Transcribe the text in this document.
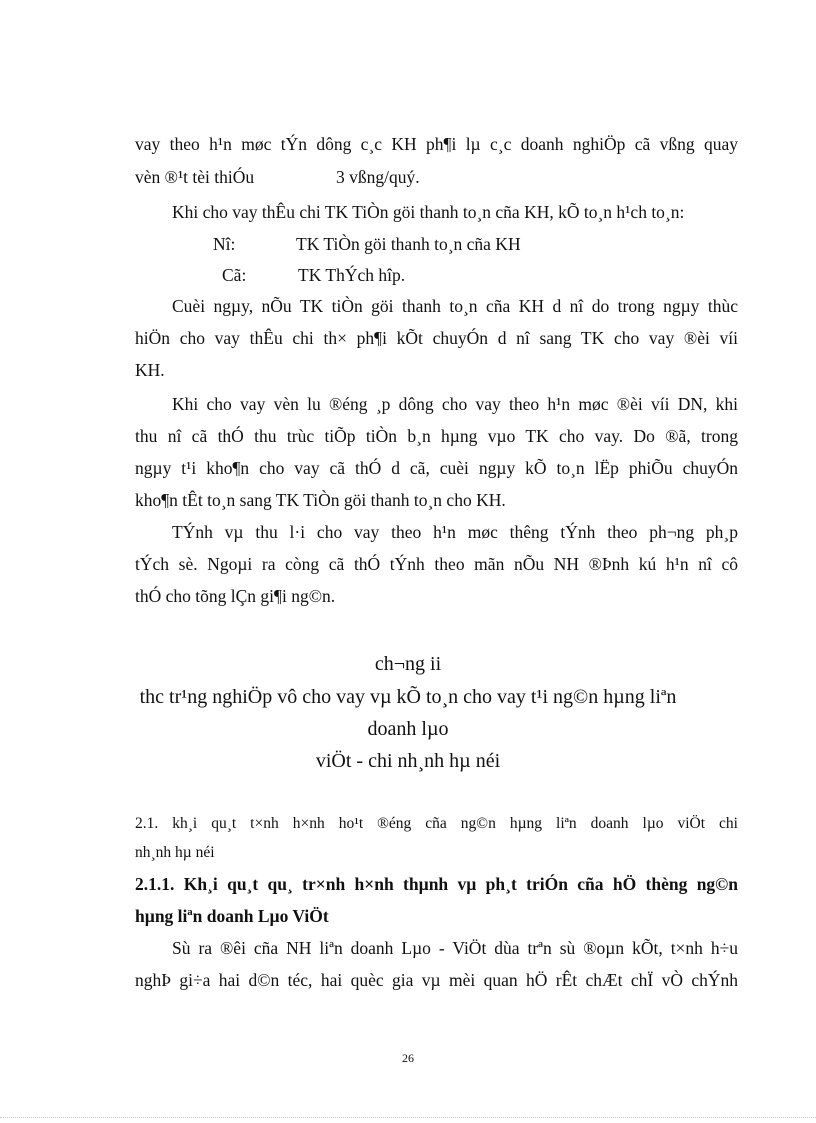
vay theo h¹n møc tÝn dông c¸c KH ph¶i lµ c¸c doanh nghiÖp cã vßng quay
vèn ®¹t tèi thiÓu	3 vßng/quý.
Khi cho vay thÊu chi TK TiÒn göi thanh to¸n cña KH, kÕ to¸n h¹ch to¸n:
Nî:	TK TiÒn göi thanh to¸n cña KH
Cã:	TK ThÝch hîp.
Cuèi ngµy, nÕu TK tiÒn göi thanh to¸n cña KH d nî do trong ngµy thùc
hiÖn cho vay thÊu chi th× ph¶i kÕt chuyÓn d nî sang TK cho vay ®èi víi
KH.
Khi cho vay vèn lu ®éng ¸p dông cho vay theo h¹n møc ®èi víi DN, khi
thu nî cã thÓ thu trùc tiÕp tiÒn b¸n hµng vµo TK cho vay. Do ®ã, trong
ngµy t¹i kho¶n cho vay cã thÓ d cã, cuèi ngµy kÕ to¸n lËp phiÕu chuyÓn
kho¶n tÊt to¸n sang TK TiÒn göi thanh to¸n cho KH.
TÝnh vµ thu l·i cho vay theo h¹n møc thêng tÝnh theo ph¬ng ph¸p
tÝch sè. Ngoµi ra còng cã thÓ tÝnh theo mãn nÕu NH ®Þnh kú h¹n nî cô
thÓ cho tõng lÇn gi¶i ng©n.
ch¬ng ii
thc tr¹ng nghiÖp vô cho vay vµ kÕ to¸n cho vay t¹i ng©n hµng liªn
doanh lµo
viÖt - chi nh¸nh hµ néi
2.1. kh¸i qu¸t t×nh h×nh ho¹t ®éng cña ng©n hµng liªn doanh lµo viÖt chi
nh¸nh hµ néi
2.1.1. Kh¸i qu¸t qu¸ tr×nh h×nh thµnh vµ ph¸t triÓn cña hÖ thèng ng©n
hµng liªn doanh Lµo ViÖt
Sù ra ®êi cña NH liªn doanh Lµo - ViÖt dùa trªn sù ®oµn kÕt, t×nh h÷u
nghÞ gi÷a hai d©n téc, hai quèc gia vµ mèi quan hÖ rÊt chÆt chÏ vÒ chÝnh
26
